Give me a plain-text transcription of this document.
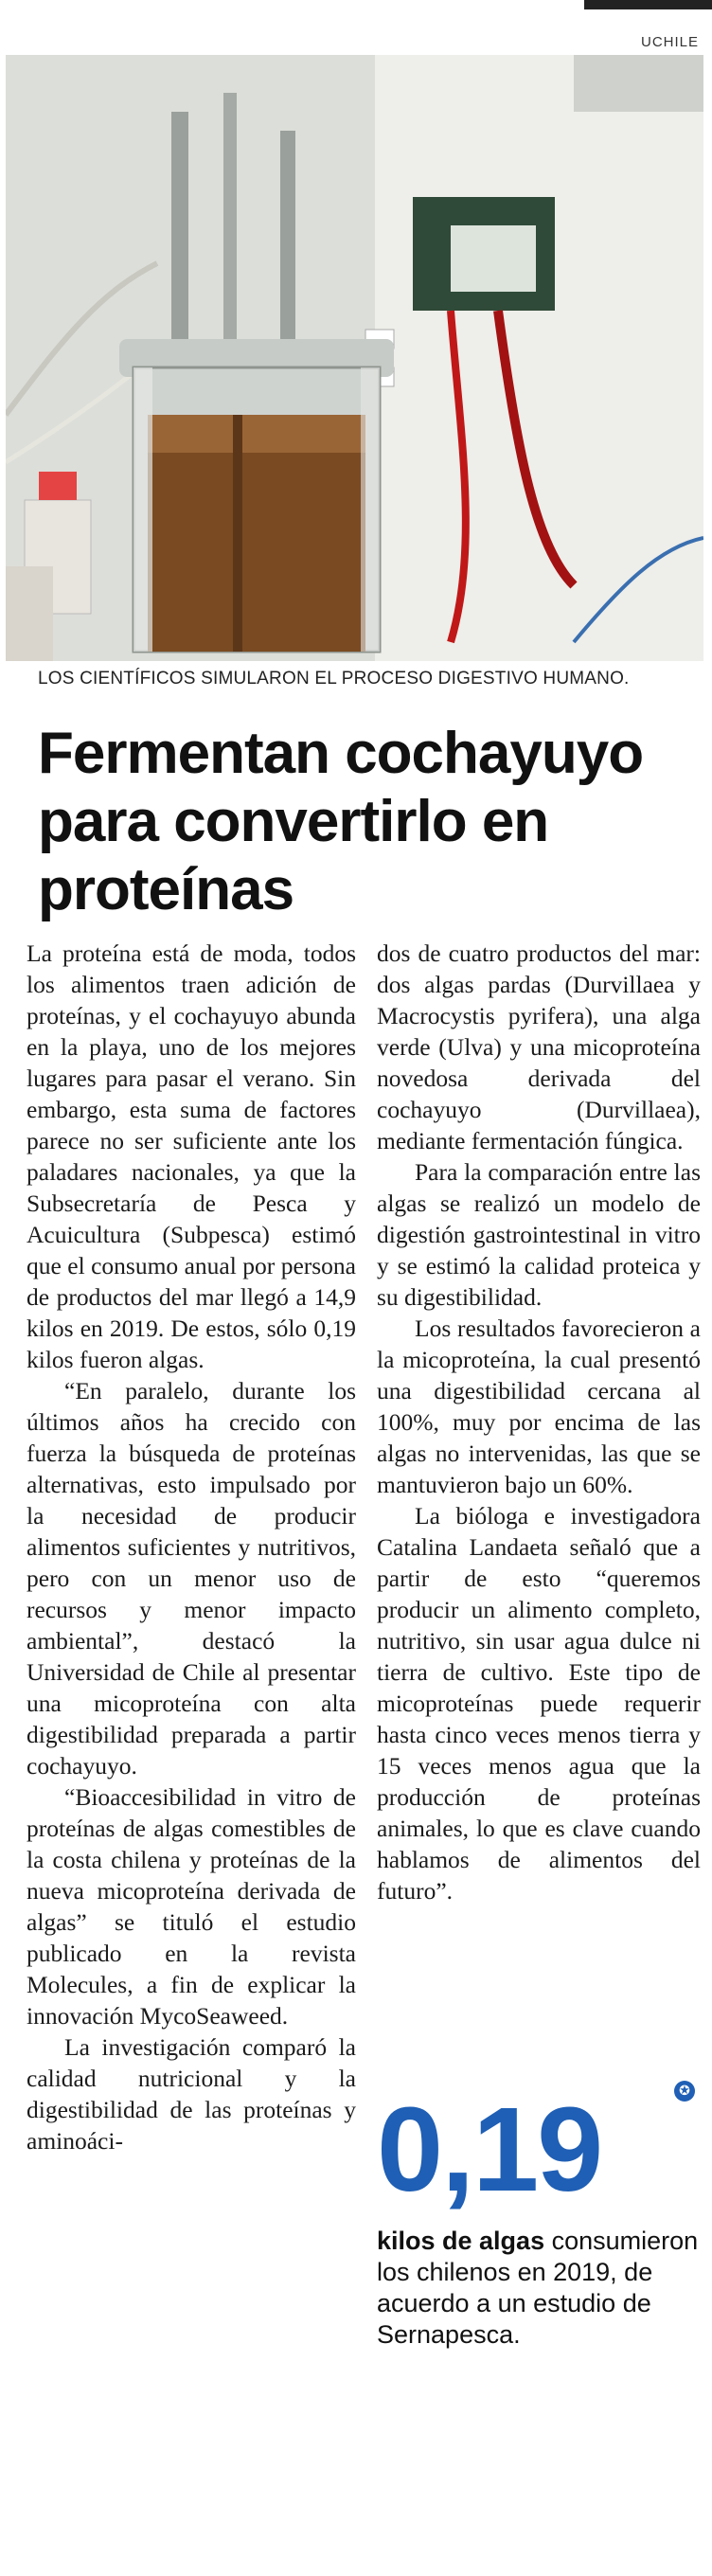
UCHILE
LOS CIENTÍFICOS SIMULARON EL PROCESO DIGESTIVO HUMANO.
Fermentan cochayuyo para convertirlo en proteínas

La proteína está de moda, todos los alimentos traen adición de proteínas, y el cochayuyo abunda en la playa, uno de los mejores lugares para pasar el verano. Sin embargo, esta suma de factores parece no ser suficiente ante los paladares nacionales, ya que la Subsecretaría de Pesca y Acuicultura (Subpesca) estimó que el consumo anual por persona de productos del mar llegó a 14,9 kilos en 2019. De estos, sólo 0,19 kilos fueron algas.

“En paralelo, durante los últimos años ha crecido con fuerza la búsqueda de proteínas alternativas, esto impulsado por la necesidad de producir alimentos suficientes y nutritivos, pero con un menor uso de recursos y menor impacto ambiental”, destacó la Universidad de Chile al presentar una micoproteína con alta digestibilidad preparada a partir cochayuyo.

“Bioaccesibilidad in vitro de proteínas de algas comestibles de la costa chilena y proteínas de la nueva micoproteína derivada de algas” se tituló el estudio publicado en la revista Molecules, a fin de explicar la innovación MycoSeaweed.

La investigación comparó la calidad nutricional y la digestibilidad de las proteínas y aminoáci-

dos de cuatro productos del mar: dos algas pardas (Durvillaea y Macrocystis pyrifera), una alga verde (Ulva) y una micoproteína novedosa derivada del cochayuyo (Durvillaea), mediante fermentación fúngica.

Para la comparación entre las algas se realizó un modelo de digestión gastrointestinal in vitro y se estimó la calidad proteica y su digestibilidad.

Los resultados favorecieron a la micoproteína, la cual presentó una digestibilidad cercana al 100%, muy por encima de las algas no intervenidas, las que se mantuvieron bajo un 60%.

La bióloga e investigadora Catalina Landaeta señaló que a partir de esto “queremos producir un alimento completo, nutritivo, sin usar agua dulce ni tierra de cultivo. Este tipo de micoproteínas puede requerir hasta cinco veces menos tierra y 15 veces menos agua que la producción de proteínas animales, lo que es clave cuando hablamos de alimentos del futuro”.

✪
0,19
kilos de algas consumieron los chilenos en 2019, de acuerdo a un estudio de Sernapesca.
